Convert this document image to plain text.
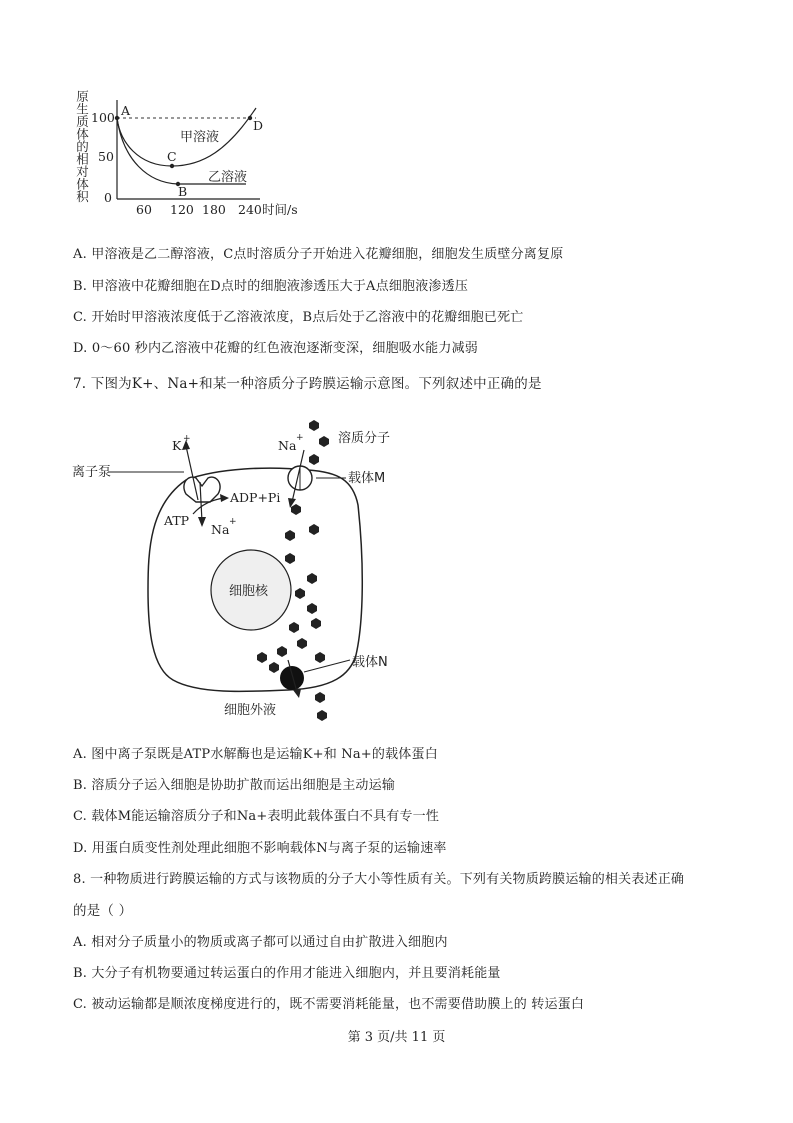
原生质体的相对体积 100
50
0
60 120 180 240 时间/s
A
C
B
D
甲溶液
乙溶液
A. 甲溶液是乙二醇溶液，C点时溶质分子开始进入花瓣细胞，细胞发生质壁分离复原
B. 甲溶液中花瓣细胞在D点时的细胞液渗透压大于A点细胞液渗透压
C. 开始时甲溶液浓度低于乙溶液浓度，B点后处于乙溶液中的花瓣细胞已死亡
D. 0～60 秒内乙溶液中花瓣的红色液泡逐渐变深，细胞吸水能力减弱
7. 下图为K+、Na+和某一种溶质分子跨膜运输示意图。下列叙述中正确的是
细胞核
离子泵
K +
Na +
ADP+Pi
ATP
Na +
载体M
溶质分子
载体N
细胞外液
A. 图中离子泵既是ATP水解酶也是运输K+和 Na+的载体蛋白
B. 溶质分子运入细胞是协助扩散而运出细胞是主动运输
C. 载体M能运输溶质分子和Na+表明此载体蛋白不具有专一性
D. 用蛋白质变性剂处理此细胞不影响载体N与离子泵的运输速率
8. 一种物质进行跨膜运输的方式与该物质的分子大小等性质有关。下列有关物质跨膜运输的相关表述正确
的是（ ）
A. 相对分子质量小的物质或离子都可以通过自由扩散进入细胞内
B. 大分子有机物要通过转运蛋白的作用才能进入细胞内，并且要消耗能量
C. 被动运输都是顺浓度梯度进行的，既不需要消耗能量，也不需要借助膜上的 转运蛋白
第 3 页/共 11 页
